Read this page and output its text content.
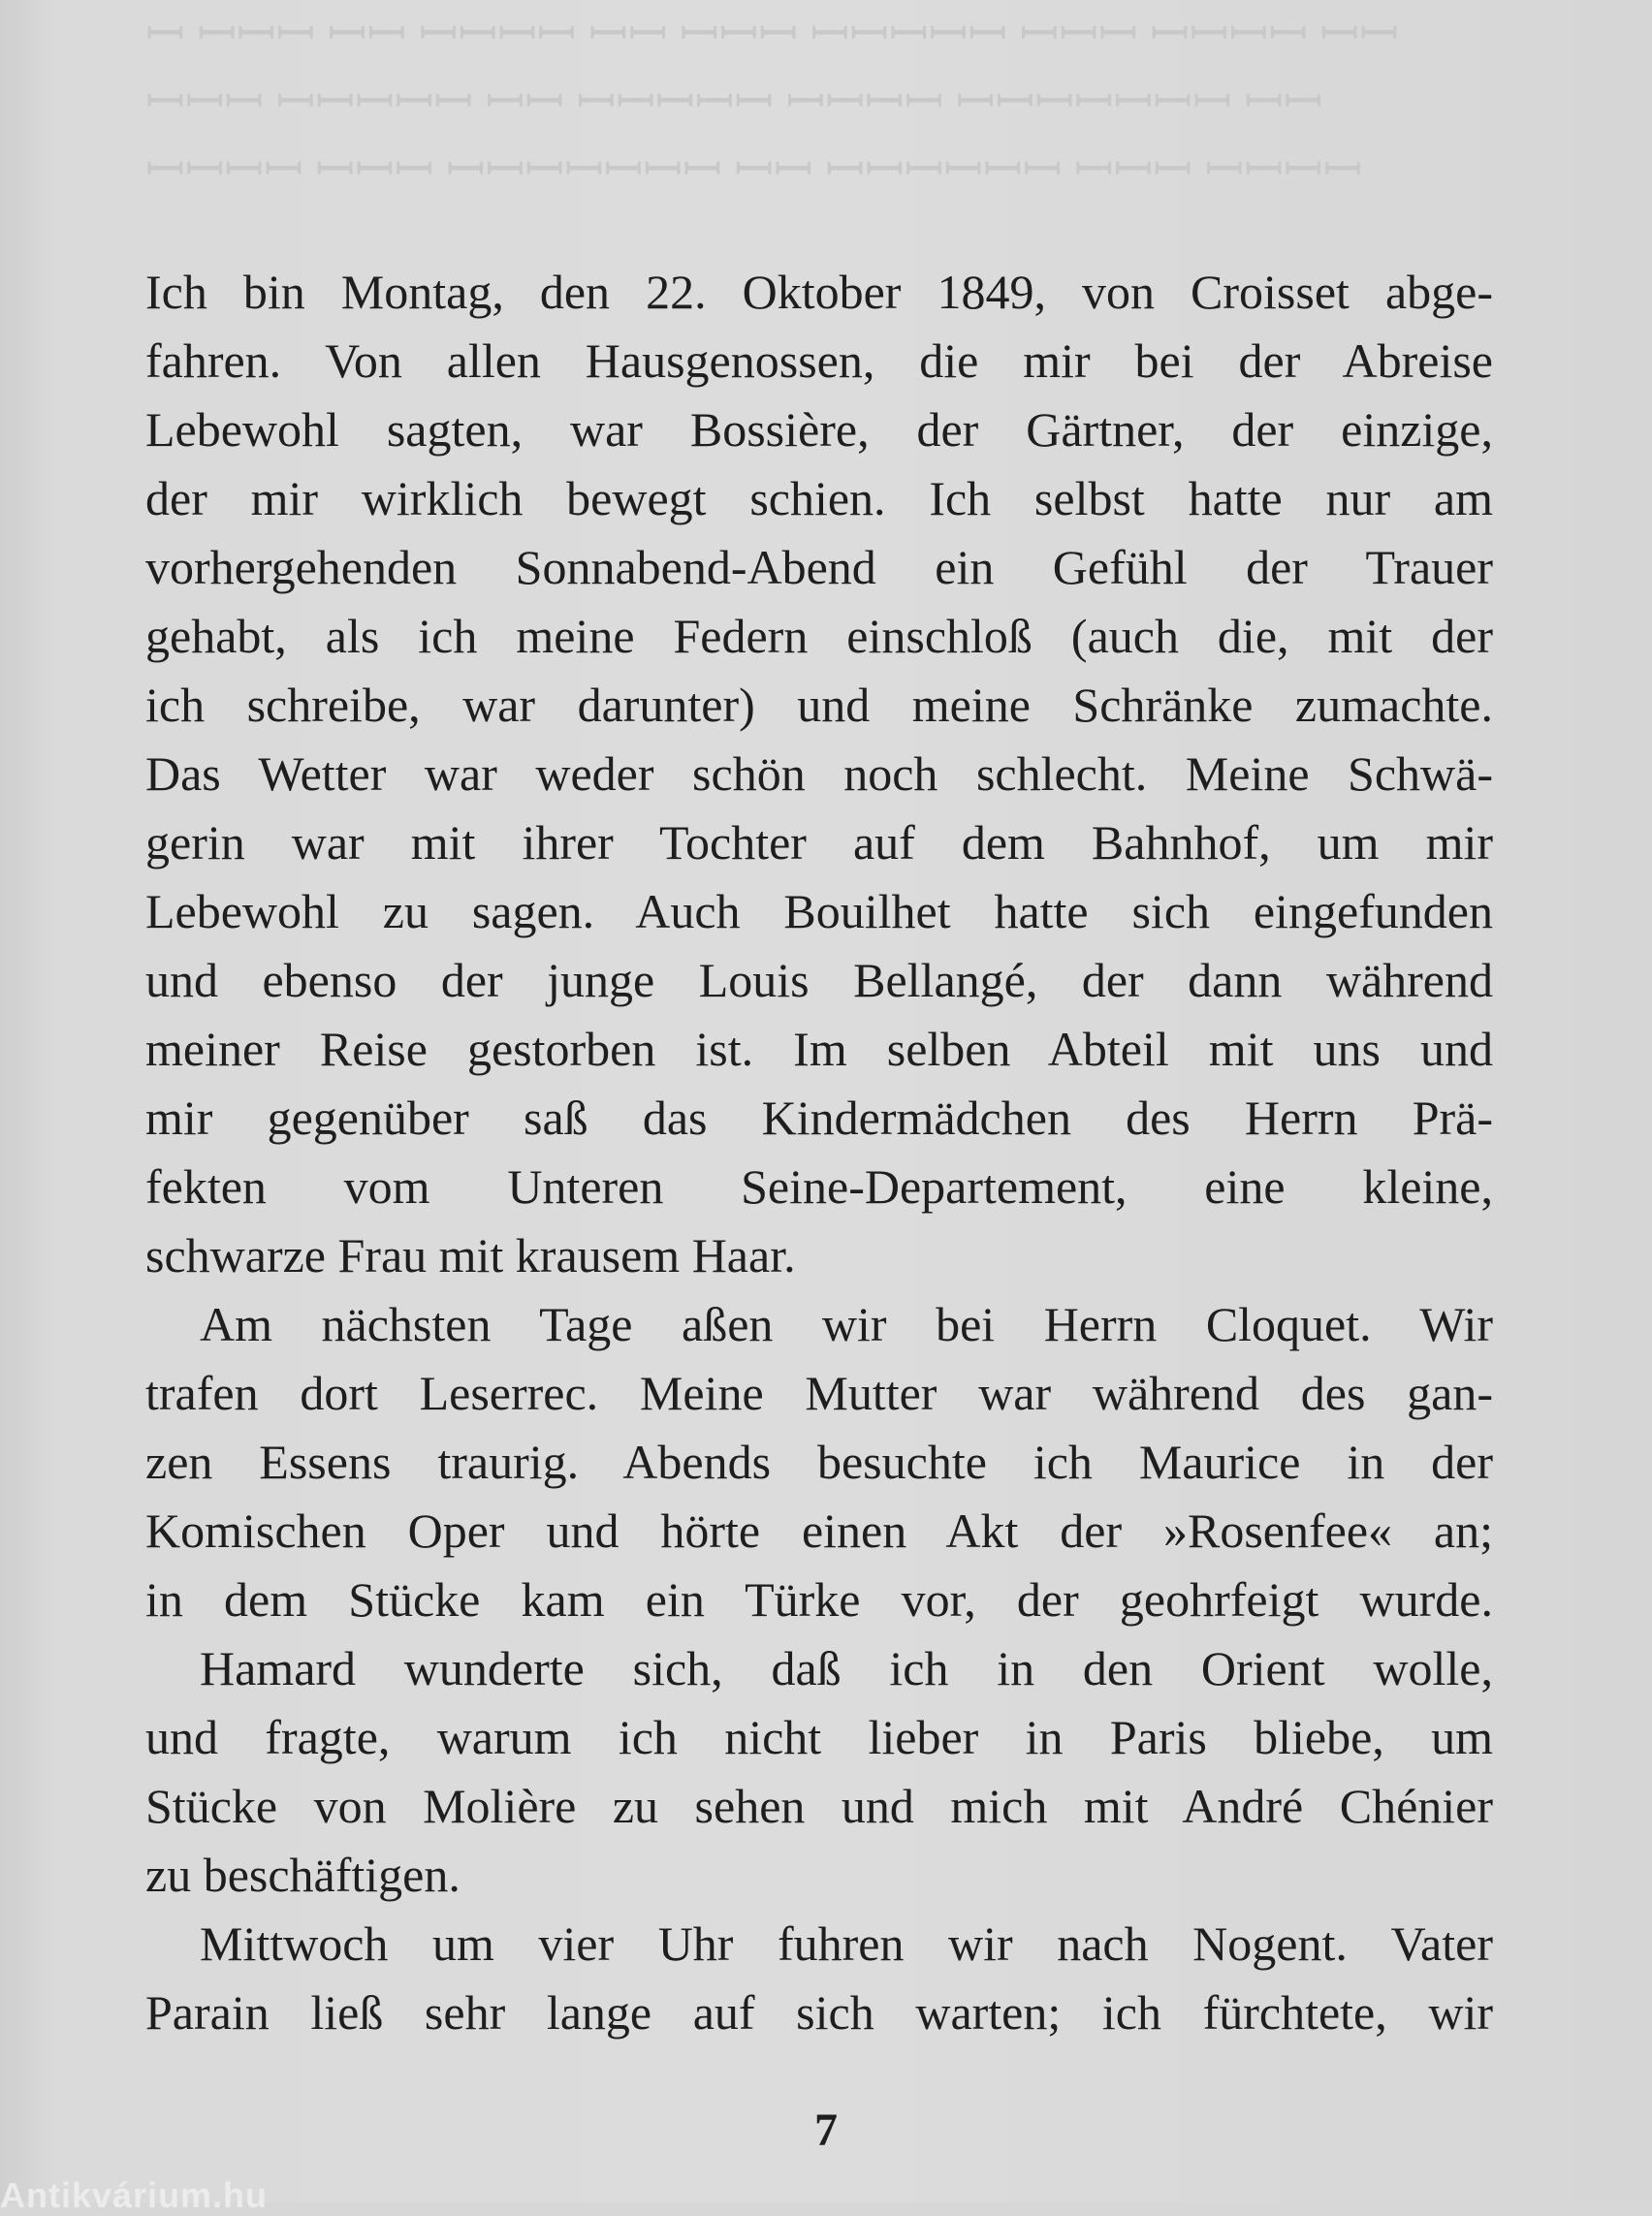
ꟷ ꟷꟷꟷ ꟷꟷ ꟷꟷꟷꟷ ꟷꟷ ꟷꟷꟷ ꟷꟷꟷꟷꟷ ꟷꟷꟷ ꟷꟷꟷꟷ ꟷꟷ
ꟷꟷꟷ ꟷꟷꟷꟷꟷ ꟷꟷ ꟷꟷꟷꟷꟷ ꟷꟷꟷꟷ ꟷꟷꟷꟷꟷꟷꟷ ꟷꟷ
ꟷꟷꟷꟷ ꟷꟷꟷ ꟷꟷꟷꟷꟷꟷꟷ ꟷꟷ ꟷꟷꟷꟷꟷꟷ ꟷꟷꟷ ꟷꟷꟷꟷ
Ich bin Montag, den 22. Oktober 1849, von Croisset abge-
fahren. Von allen Hausgenossen, die mir bei der Abreise
Lebewohl sagten, war Bossière, der Gärtner, der einzige,
der mir wirklich bewegt schien. Ich selbst hatte nur am
vorhergehenden Sonnabend-Abend ein Gefühl der Trauer
gehabt, als ich meine Federn einschloß (auch die, mit der
ich schreibe, war darunter) und meine Schränke zumachte.
Das Wetter war weder schön noch schlecht. Meine Schwä-
gerin war mit ihrer Tochter auf dem Bahnhof, um mir
Lebewohl zu sagen. Auch Bouilhet hatte sich eingefunden
und ebenso der junge Louis Bellangé, der dann während
meiner Reise gestorben ist. Im selben Abteil mit uns und
mir gegenüber saß das Kindermädchen des Herrn Prä-
fekten vom Unteren Seine-Departement, eine kleine,
schwarze Frau mit krausem Haar.
Am nächsten Tage aßen wir bei Herrn Cloquet. Wir
trafen dort Leserrec. Meine Mutter war während des gan-
zen Essens traurig. Abends besuchte ich Maurice in der
Komischen Oper und hörte einen Akt der »Rosenfee« an;
in dem Stücke kam ein Türke vor, der geohrfeigt wurde.
Hamard wunderte sich, daß ich in den Orient wolle,
und fragte, warum ich nicht lieber in Paris bliebe, um
Stücke von Molière zu sehen und mich mit André Chénier
zu beschäftigen.
Mittwoch um vier Uhr fuhren wir nach Nogent. Vater
Parain ließ sehr lange auf sich warten; ich fürchtete, wir
7
Antikvárium.hu
